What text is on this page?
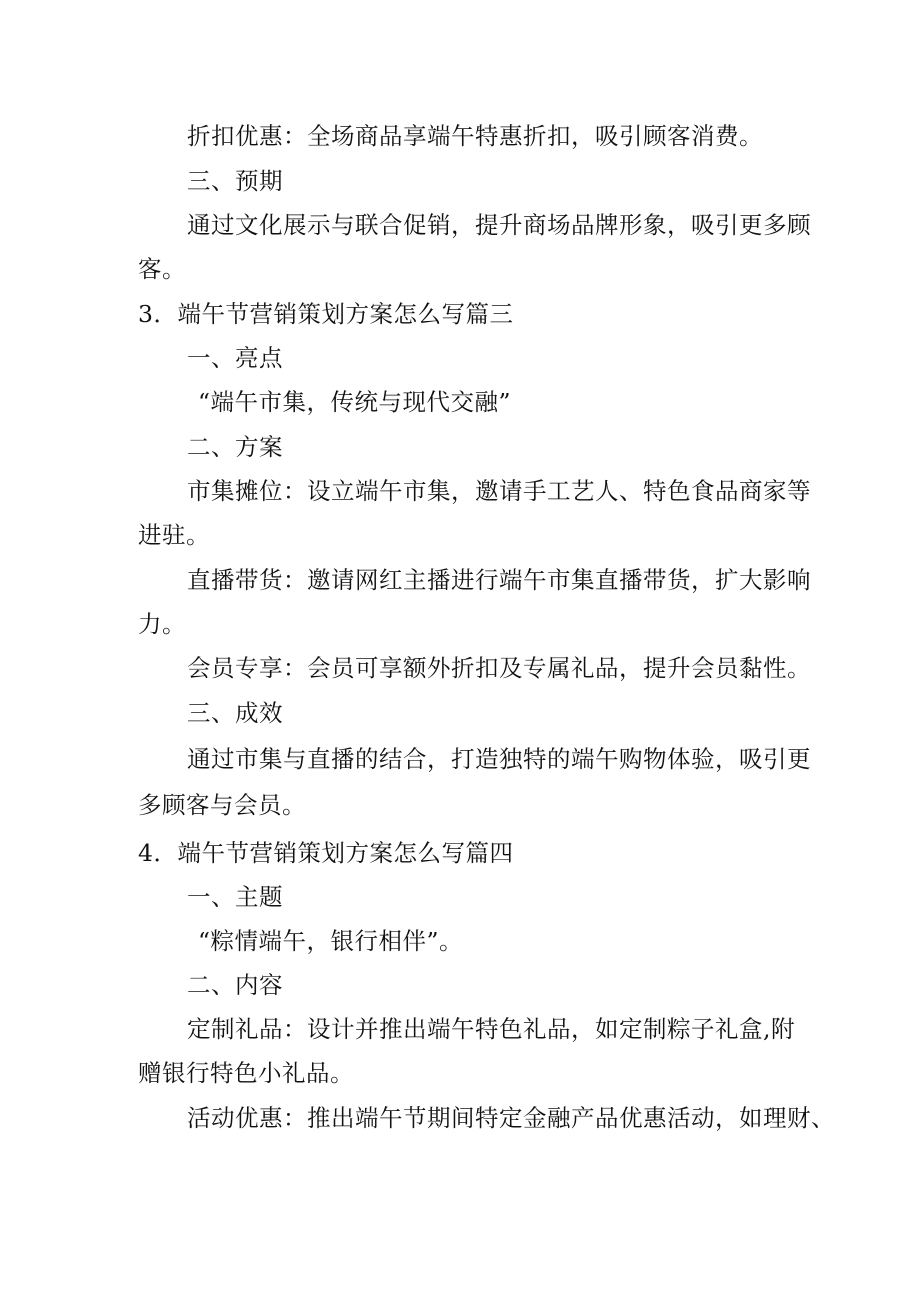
折扣优惠：全场商品享端午特惠折扣，吸引顾客消费。
三、预期
通过文化展示与联合促销，提升商场品牌形象，吸引更多顾
客。
3．端午节营销策划方案怎么写篇三
一、亮点
“端午市集，传统与现代交融”
二、方案
市集摊位：设立端午市集，邀请手工艺人、特色食品商家等
进驻。
直播带货：邀请网红主播进行端午市集直播带货，扩大影响
力。
会员专享：会员可享额外折扣及专属礼品，提升会员黏性。
三、成效
通过市集与直播的结合，打造独特的端午购物体验，吸引更
多顾客与会员。
4．端午节营销策划方案怎么写篇四
一、主题
“粽情端午，银行相伴”。
二、内容
定制礼品：设计并推出端午特色礼品，如定制粽子礼盒,附
赠银行特色小礼品。
活动优惠：推出端午节期间特定金融产品优惠活动，如理财、
